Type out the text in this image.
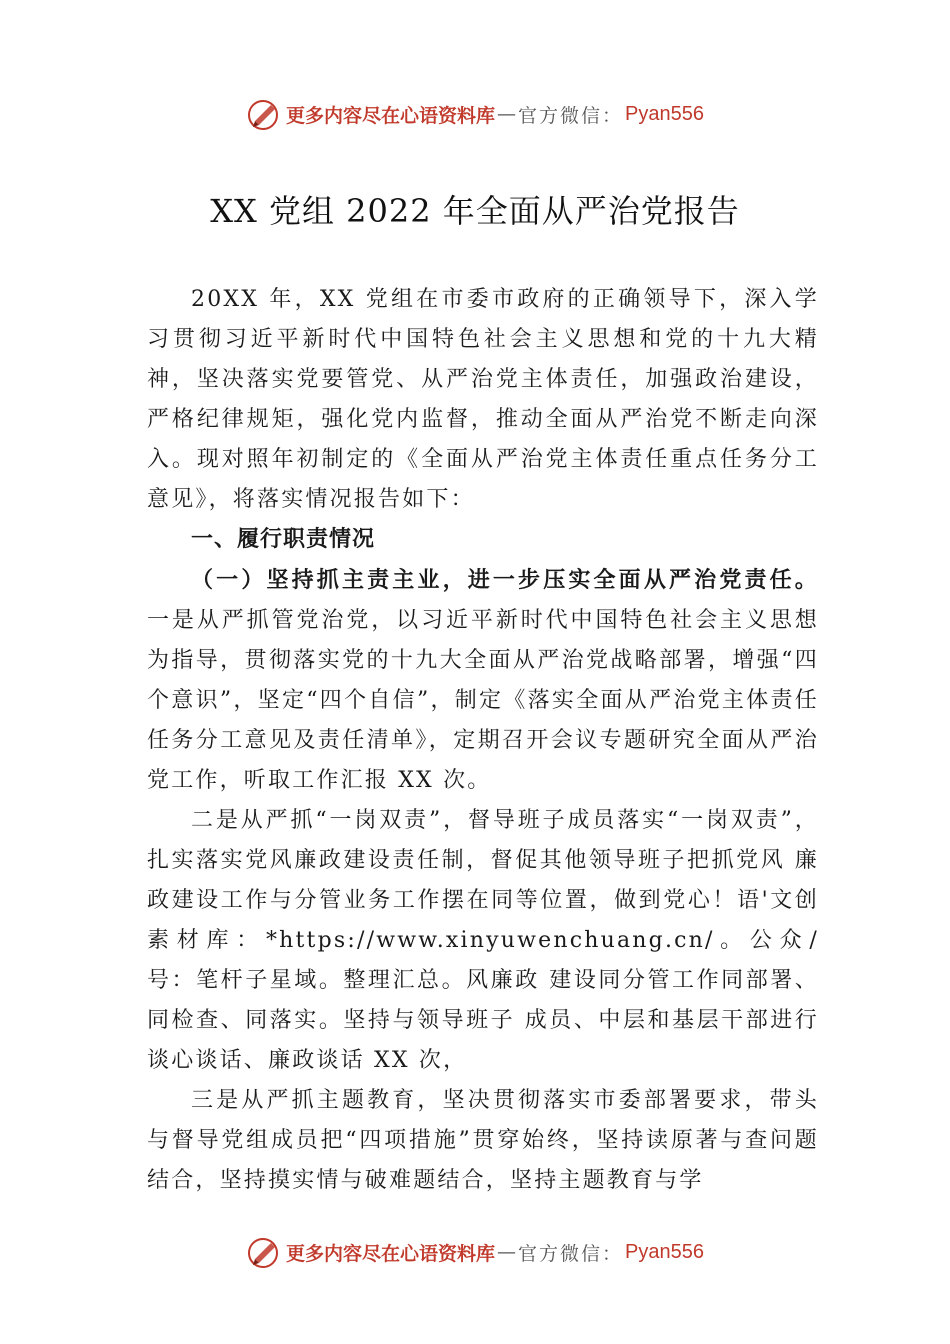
更多内容尽在心语资料库 — 官方微信： Pyan556
XX 党组 2022 年全面从严治党报告

20XX 年，XX 党组在市委市政府的正确领导下，深入学习贯彻习近平新时代中国特色社会主义思想和党的十九大精神，坚决落实党要管党、从严治党主体责任，加强政治建设，严格纪律规矩，强化党内监督，推动全面从严治党不断走向深入。现对照年初制定的《全面从严治党主体责任重点任务分工意见》，将落实情况报告如下：

一、履行职责情况

（一）坚持抓主责主业，进一步压实全面从严治党责任。一是从严抓管党治党，以习近平新时代中国特色社会主义思想为指导，贯彻落实党的十九大全面从严治党战略部署，增强“四个意识”，坚定“四个自信”，制定《落实全面从严治党主体责任任务分工意见及责任清单》，定期召开会议专题研究全面从严治党工作，听取工作汇报 XX 次。

二是从严抓“一岗双责”，督导班子成员落实“一岗双责”，扎实落实党风廉政建设责任制，督促其他领导班子把抓党风 廉政建设工作与分管业务工作摆在同等位置，做到党心！语'文创素材库：*https://www.xinyuwenchuang.cn/。公众/号：笔杆子星域。整理汇总。风廉政 建设同分管工作同部署、同检查、同落实。坚持与领导班子 成员、中层和基层干部进行谈心谈话、廉政谈话 XX 次，

三是从严抓主题教育，坚决贯彻落实市委部署要求，带头与督导党组成员把“四项措施”贯穿始终，坚持读原著与查问题结合，坚持摸实情与破难题结合，坚持主题教育与学

更多内容尽在心语资料库 — 官方微信： Pyan556
